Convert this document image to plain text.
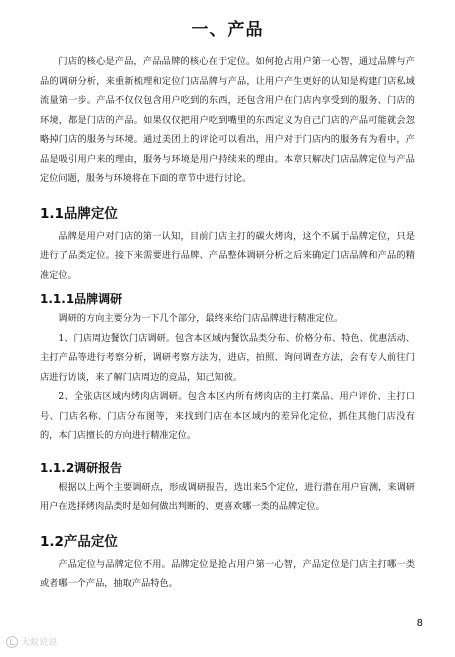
一、产品

门店的核心是产品，产品品牌的核心在于定位。如何抢占用户第一心智，通过品牌与产品的调研分析，来重新梳理和定位门店品牌与产品，让用户产生更好的认知是构建门店私域流量第一步。产品不仅仅包含用户吃到的东西，还包含用户在门店内享受到的服务、门店的环境，都是门店的产品。如果仅仅把用户吃到嘴里的东西定义为自己门店的产品可能就会忽略掉门店的服务与环境。通过美团上的评论可以看出，用户对于门店内的服务有为看中，产品是吸引用户来的理由，服务与环境是用户持续来的理由。本章只解决门店品牌定位与产品定位问题，服务与环境将在下面的章节中进行讨论。

1.1品牌定位

品牌是用户对门店的第一认知，目前门店主打的碳火烤肉，这个不属于品牌定位，只是进行了品类定位。接下来需要进行品牌、产品整体调研分析之后来确定门店品牌和产品的精准定位。

1.1.1品牌调研

调研的方向主要分为一下几个部分，最终来给门店品牌进行精准定位。

1、门店周边餐饮门店调研。包含本区域内餐饮品类分布、价格分布、特色、优惠活动、主打产品等进行考察分析，调研考察方法为，进店，拍照、询问调查方法，会有专人前往门店进行访谈，来了解门店周边的竞品，知己知彼。

2、全张店区域内烤肉店调研。包含本区内所有烤肉店的主打菜品、用户评价、主打口号、门店名称、门店分布图等，来找到门店在本区域内的差异化定位，抓住其他门店没有的，本门店擅长的方向进行精准定位。

1.1.2调研报告

根据以上两个主要调研点，形成调研报告，选出来5个定位，进行潜在用户盲测，来调研用户在选择烤肉品类时是如何做出判断的、更喜欢哪一类的品牌定位。

1.2产品定位

产品定位与品牌定位不用。品牌定位是抢占用户第一心智，产品定位是门店主打哪一类或者哪一个产品，抽取产品特色。

8
大蚊说说
